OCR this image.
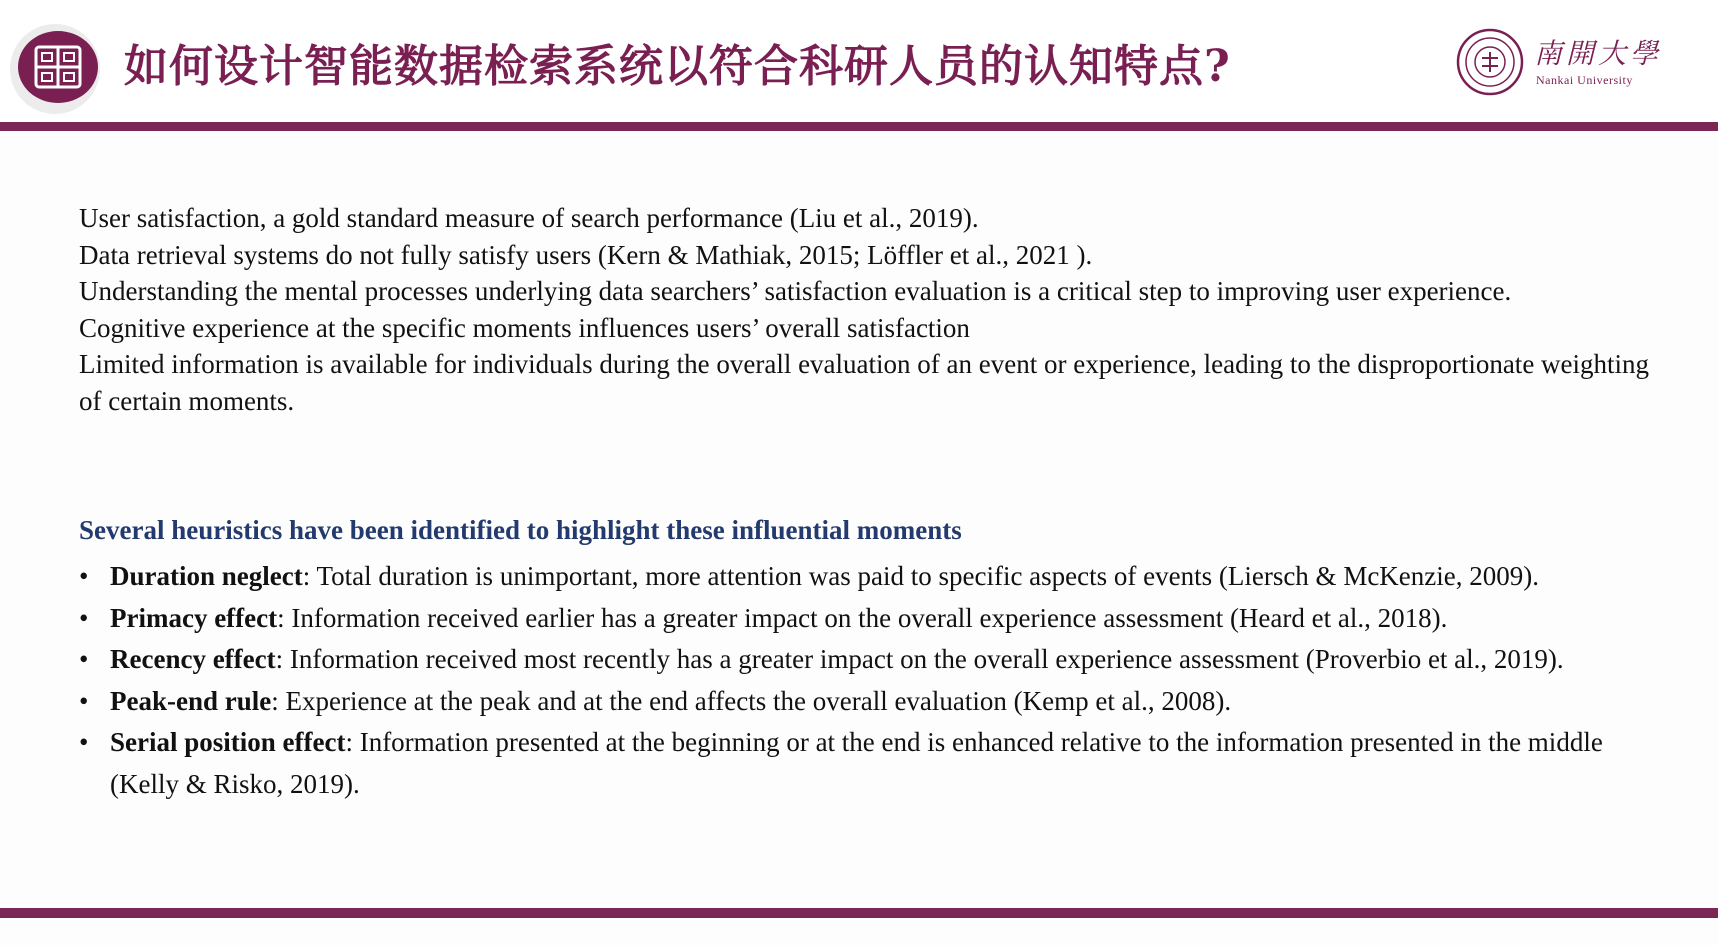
如何设计智能数据检索系统以符合科研人员的认知特点?	南開大學
Nankai University

User satisfaction, a gold standard measure of search performance (Liu et al., 2019).

Data retrieval systems do not fully satisfy users (Kern & Mathiak, 2015; Löffler et al., 2021 ).

Understanding the mental processes underlying data searchers’ satisfaction evaluation is a critical step to improving user experience.

Cognitive experience at the specific moments influences users’ overall satisfaction

Limited information is available for individuals during the overall evaluation of an event or experience, leading to the disproportionate weighting of certain moments.

Several heuristics have been identified to highlight these influential moments
• Duration neglect: Total duration is unimportant, more attention was paid to specific aspects of events (Liersch & McKenzie, 2009).
• Primacy effect: Information received earlier has a greater impact on the overall experience assessment (Heard et al., 2018).
• Recency effect: Information received most recently has a greater impact on the overall experience assessment (Proverbio et al., 2019).
• Peak-end rule: Experience at the peak and at the end affects the overall evaluation (Kemp et al., 2008).
• Serial position effect: Information presented at the beginning or at the end is enhanced relative to the information presented in the middle (Kelly & Risko, 2019).
